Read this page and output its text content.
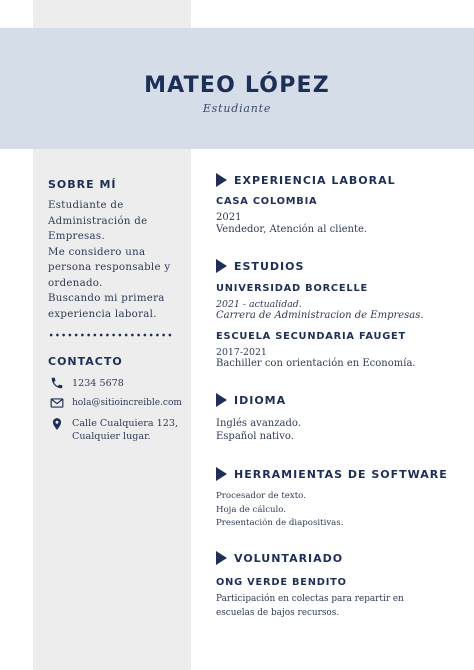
MATEO LÓPEZ
Estudiante
SOBRE MÍ
Estudiante de
Administración de
Empresas.
Me considero una
persona responsable y
ordenado.
Buscando mi primera
experiencia laboral.
CONTACTO
1234 5678
hola@sitioincreible.com
Calle Cualquiera 123,
Cualquier lugar.
EXPERIENCIA LABORAL
CASA COLOMBIA
2021
Vendedor, Atención al cliente.
ESTUDIOS
UNIVERSIDAD BORCELLE
2021 - actualidad.
Carrera de Administracion de Empresas.
ESCUELA SECUNDARIA FAUGET
2017-2021
Bachiller con orientación en Economía.
IDIOMA
Inglés avanzado.
Español nativo.
HERRAMIENTAS DE SOFTWARE
Procesador de texto.
Hoja de cálculo.
Presentación de diapositivas.
VOLUNTARIADO
ONG VERDE BENDITO
Participación en colectas para repartir en
escuelas de bajos recursos.
